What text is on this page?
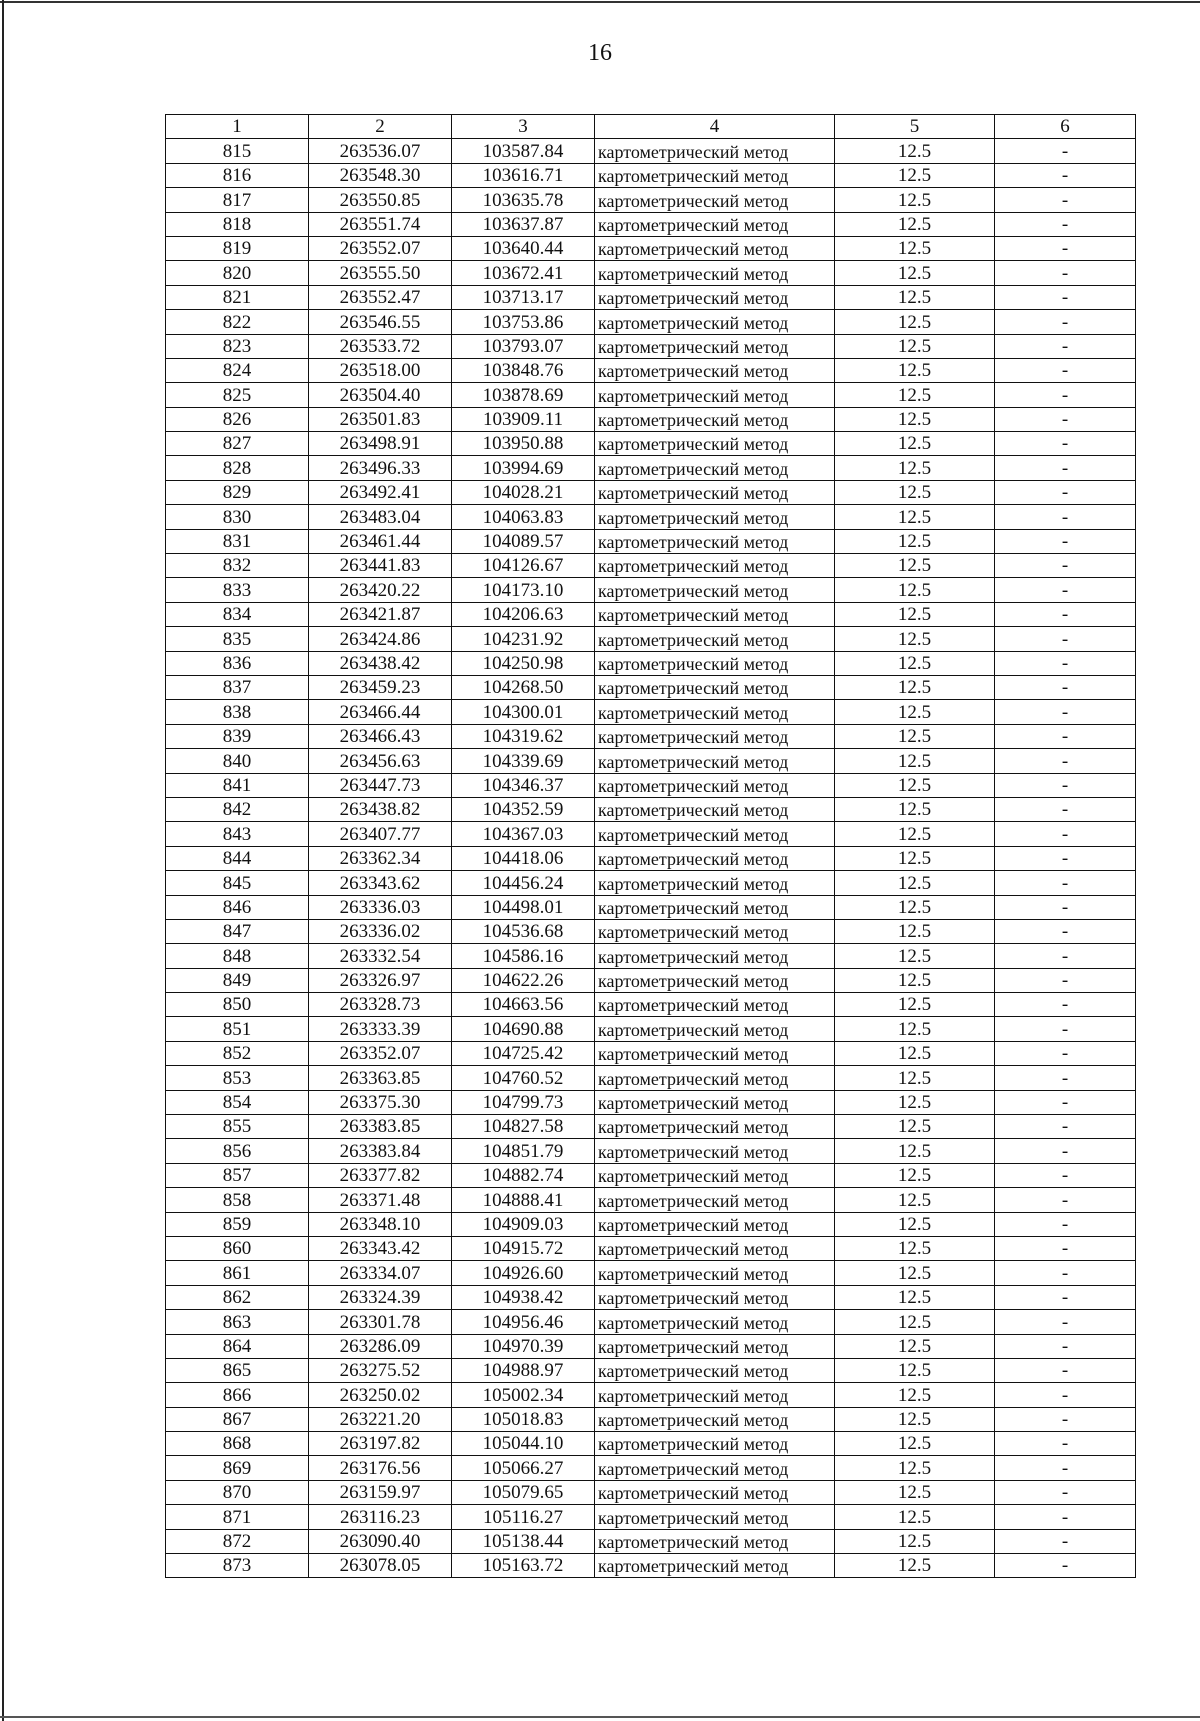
16
1	2	3	4	5	6
815	263536.07	103587.84	картометрический метод	12.5	-
816	263548.30	103616.71	картометрический метод	12.5	-
817	263550.85	103635.78	картометрический метод	12.5	-
818	263551.74	103637.87	картометрический метод	12.5	-
819	263552.07	103640.44	картометрический метод	12.5	-
820	263555.50	103672.41	картометрический метод	12.5	-
821	263552.47	103713.17	картометрический метод	12.5	-
822	263546.55	103753.86	картометрический метод	12.5	-
823	263533.72	103793.07	картометрический метод	12.5	-
824	263518.00	103848.76	картометрический метод	12.5	-
825	263504.40	103878.69	картометрический метод	12.5	-
826	263501.83	103909.11	картометрический метод	12.5	-
827	263498.91	103950.88	картометрический метод	12.5	-
828	263496.33	103994.69	картометрический метод	12.5	-
829	263492.41	104028.21	картометрический метод	12.5	-
830	263483.04	104063.83	картометрический метод	12.5	-
831	263461.44	104089.57	картометрический метод	12.5	-
832	263441.83	104126.67	картометрический метод	12.5	-
833	263420.22	104173.10	картометрический метод	12.5	-
834	263421.87	104206.63	картометрический метод	12.5	-
835	263424.86	104231.92	картометрический метод	12.5	-
836	263438.42	104250.98	картометрический метод	12.5	-
837	263459.23	104268.50	картометрический метод	12.5	-
838	263466.44	104300.01	картометрический метод	12.5	-
839	263466.43	104319.62	картометрический метод	12.5	-
840	263456.63	104339.69	картометрический метод	12.5	-
841	263447.73	104346.37	картометрический метод	12.5	-
842	263438.82	104352.59	картометрический метод	12.5	-
843	263407.77	104367.03	картометрический метод	12.5	-
844	263362.34	104418.06	картометрический метод	12.5	-
845	263343.62	104456.24	картометрический метод	12.5	-
846	263336.03	104498.01	картометрический метод	12.5	-
847	263336.02	104536.68	картометрический метод	12.5	-
848	263332.54	104586.16	картометрический метод	12.5	-
849	263326.97	104622.26	картометрический метод	12.5	-
850	263328.73	104663.56	картометрический метод	12.5	-
851	263333.39	104690.88	картометрический метод	12.5	-
852	263352.07	104725.42	картометрический метод	12.5	-
853	263363.85	104760.52	картометрический метод	12.5	-
854	263375.30	104799.73	картометрический метод	12.5	-
855	263383.85	104827.58	картометрический метод	12.5	-
856	263383.84	104851.79	картометрический метод	12.5	-
857	263377.82	104882.74	картометрический метод	12.5	-
858	263371.48	104888.41	картометрический метод	12.5	-
859	263348.10	104909.03	картометрический метод	12.5	-
860	263343.42	104915.72	картометрический метод	12.5	-
861	263334.07	104926.60	картометрический метод	12.5	-
862	263324.39	104938.42	картометрический метод	12.5	-
863	263301.78	104956.46	картометрический метод	12.5	-
864	263286.09	104970.39	картометрический метод	12.5	-
865	263275.52	104988.97	картометрический метод	12.5	-
866	263250.02	105002.34	картометрический метод	12.5	-
867	263221.20	105018.83	картометрический метод	12.5	-
868	263197.82	105044.10	картометрический метод	12.5	-
869	263176.56	105066.27	картометрический метод	12.5	-
870	263159.97	105079.65	картометрический метод	12.5	-
871	263116.23	105116.27	картометрический метод	12.5	-
872	263090.40	105138.44	картометрический метод	12.5	-
873	263078.05	105163.72	картометрический метод	12.5	-
